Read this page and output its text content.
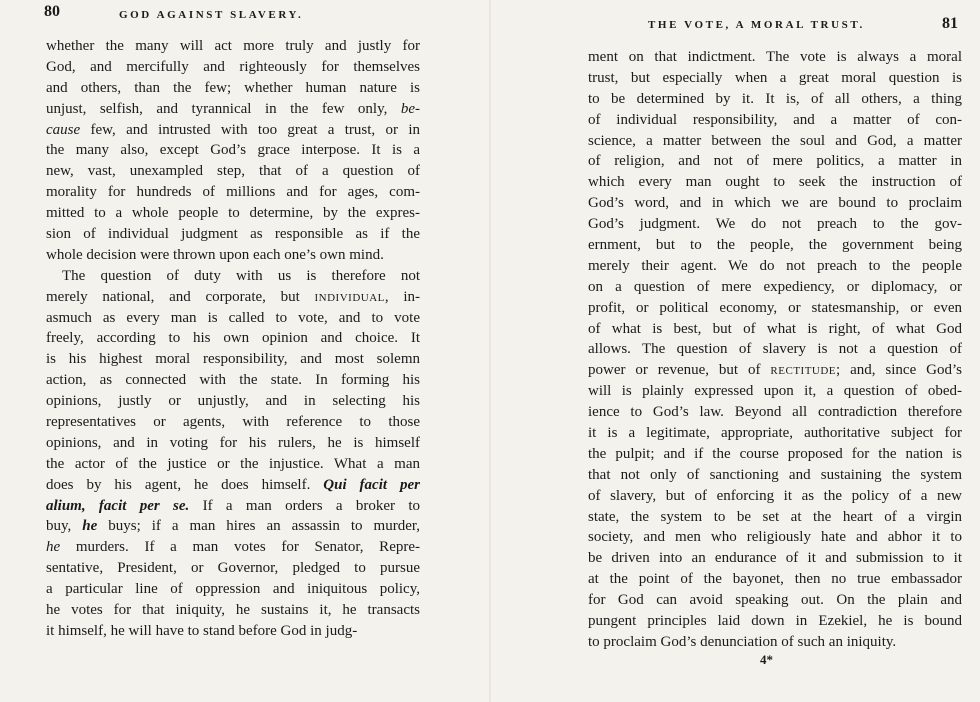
80	GOD AGAINST SLAVERY.
whether the many will act more truly and justly for
God, and mercifully and righteously for themselves
and others, than the few; whether human nature is
unjust, selfish, and tyrannical in the few only, be-
cause few, and intrusted with too great a trust, or in
the many also, except God’s grace interpose. It is a
new, vast, unexampled step, that of a question of
morality for hundreds of millions and for ages, com-
mitted to a whole people to determine, by the expres-
sion of individual judgment as responsible as if the
whole decision were thrown upon each one’s own mind.
The question of duty with us is therefore not
merely national, and corporate, but individual, in-
asmuch as every man is called to vote, and to vote
freely, according to his own opinion and choice. It
is his highest moral responsibility, and most solemn
action, as connected with the state. In forming his
opinions, justly or unjustly, and in selecting his
representatives or agents, with reference to those
opinions, and in voting for his rulers, he is himself
the actor of the justice or the injustice. What a man
does by his agent, he does himself. Qui facit per
alium, facit per se. If a man orders a broker to
buy, he buys; if a man hires an assassin to murder,
he murders. If a man votes for Senator, Repre-
sentative, President, or Governor, pledged to pursue
a particular line of oppression and iniquitous policy,
he votes for that iniquity, he sustains it, he transacts
it himself, he will have to stand before God in judg-
THE VOTE, A MORAL TRUST.	81
ment on that indictment. The vote is always a moral
trust, but especially when a great moral question is
to be determined by it. It is, of all others, a thing
of individual responsibility, and a matter of con-
science, a matter between the soul and God, a matter
of religion, and not of mere politics, a matter in
which every man ought to seek the instruction of
God’s word, and in which we are bound to proclaim
God’s judgment. We do not preach to the gov-
ernment, but to the people, the government being
merely their agent. We do not preach to the people
on a question of mere expediency, or diplomacy, or
profit, or political economy, or statesmanship, or even
of what is best, but of what is right, of what God
allows. The question of slavery is not a question of
power or revenue, but of rectitude; and, since God’s
will is plainly expressed upon it, a question of obed-
ience to God’s law. Beyond all contradiction therefore
it is a legitimate, appropriate, authoritative subject for
the pulpit; and if the course proposed for the nation is
that not only of sanctioning and sustaining the system
of slavery, but of enforcing it as the policy of a new
state, the system to be set at the heart of a virgin
society, and men who religiously hate and abhor it to
be driven into an endurance of it and submission to it
at the point of the bayonet, then no true embassador
for God can avoid speaking out. On the plain and
pungent principles laid down in Ezekiel, he is bound
to proclaim God’s denunciation of such an iniquity.
4*
